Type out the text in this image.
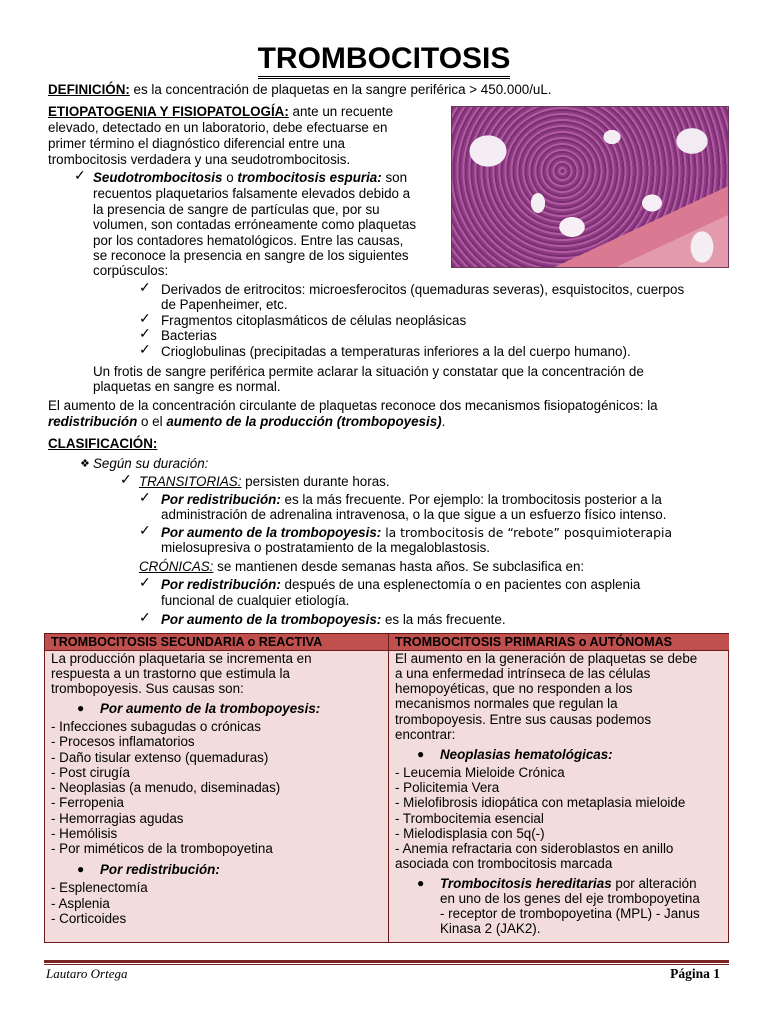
TROMBOCITOSIS
DEFINICIÓN: es la concentración de plaquetas en la sangre periférica > 450.000/uL.
ETIOPATOGENIA Y FISIOPATOLOGÍA: ante un recuente
elevado, detectado en un laboratorio, debe efectuarse en
primer término el diagnóstico diferencial entre una
trombocitosis verdadera y una seudotrombocitosis.
✓ Seudotrombocitosis o trombocitosis espuria: son
recuentos plaquetarios falsamente elevados debido a
la presencia de sangre de partículas que, por su
volumen, son contadas erróneamente como plaquetas
por los contadores hematológicos. Entre las causas,
se reconoce la presencia en sangre de los siguientes
corpúsculos:
✓ Derivados de eritrocitos: microesferocitos (quemaduras severas), esquistocitos, cuerpos
de Papenheimer, etc.
✓ Fragmentos citoplasmáticos de células neoplásicas
✓ Bacterias
✓ Crioglobulinas (precipitadas a temperaturas inferiores a la del cuerpo humano).
Un frotis de sangre periférica permite aclarar la situación y constatar que la concentración de
plaquetas en sangre es normal.
El aumento de la concentración circulante de plaquetas reconoce dos mecanismos fisiopatogénicos: la
redistribución o el aumento de la producción (trombopoyesis).
CLASIFICACIÓN:
❖ Según su duración:
✓ TRANSITORIAS: persisten durante horas.
✓ Por redistribución: es la más frecuente. Por ejemplo: la trombocitosis posterior a la
administración de adrenalina intravenosa, o la que sigue a un esfuerzo físico intenso.
✓ Por aumento de la trombopoyesis: la trombocitosis de “rebote” posquimioterapia
mielosupresiva o postratamiento de la megaloblastosis.
CRÓNICAS: se mantienen desde semanas hasta años. Se subclasifica en:
✓ Por redistribución: después de una esplenectomía o en pacientes con asplenia
funcional de cualquier etiología.
✓ Por aumento de la trombopoyesis: es la más frecuente.
TROMBOCITOSIS SECUNDARIA o REACTIVA
La producción plaquetaria se incrementa en
respuesta a un trastorno que estimula la
trombopoyesis. Sus causas son:
● Por aumento de la trombopoyesis:
- Infecciones subagudas o crónicas
- Procesos inflamatorios
- Daño tisular extenso (quemaduras)
- Post cirugía
- Neoplasias (a menudo, diseminadas)
- Ferropenia
- Hemorragias agudas
- Hemólisis
- Por miméticos de la trombopoyetina
● Por redistribución:
- Esplenectomía
- Asplenia
- Corticoides
TROMBOCITOSIS PRIMARIAS o AUTÓNOMAS
El aumento en la generación de plaquetas se debe
a una enfermedad intrínseca de las células
hemopoyéticas, que no responden a los
mecanismos normales que regulan la
trombopoyesis. Entre sus causas podemos
encontrar:
● Neoplasias hematológicas:
- Leucemia Mieloide Crónica
- Policitemia Vera
- Mielofibrosis idiopática con metaplasia mieloide
- Trombocitemia esencial
- Mielodisplasia con 5q(-)
- Anemia refractaria con sideroblastos en anillo
asociada con trombocitosis marcada
● Trombocitosis hereditarias por alteración
en uno de los genes del eje trombopoyetina
- receptor de trombopoyetina (MPL) - Janus
Kinasa 2 (JAK2).
Lautaro Ortega	Página 1
